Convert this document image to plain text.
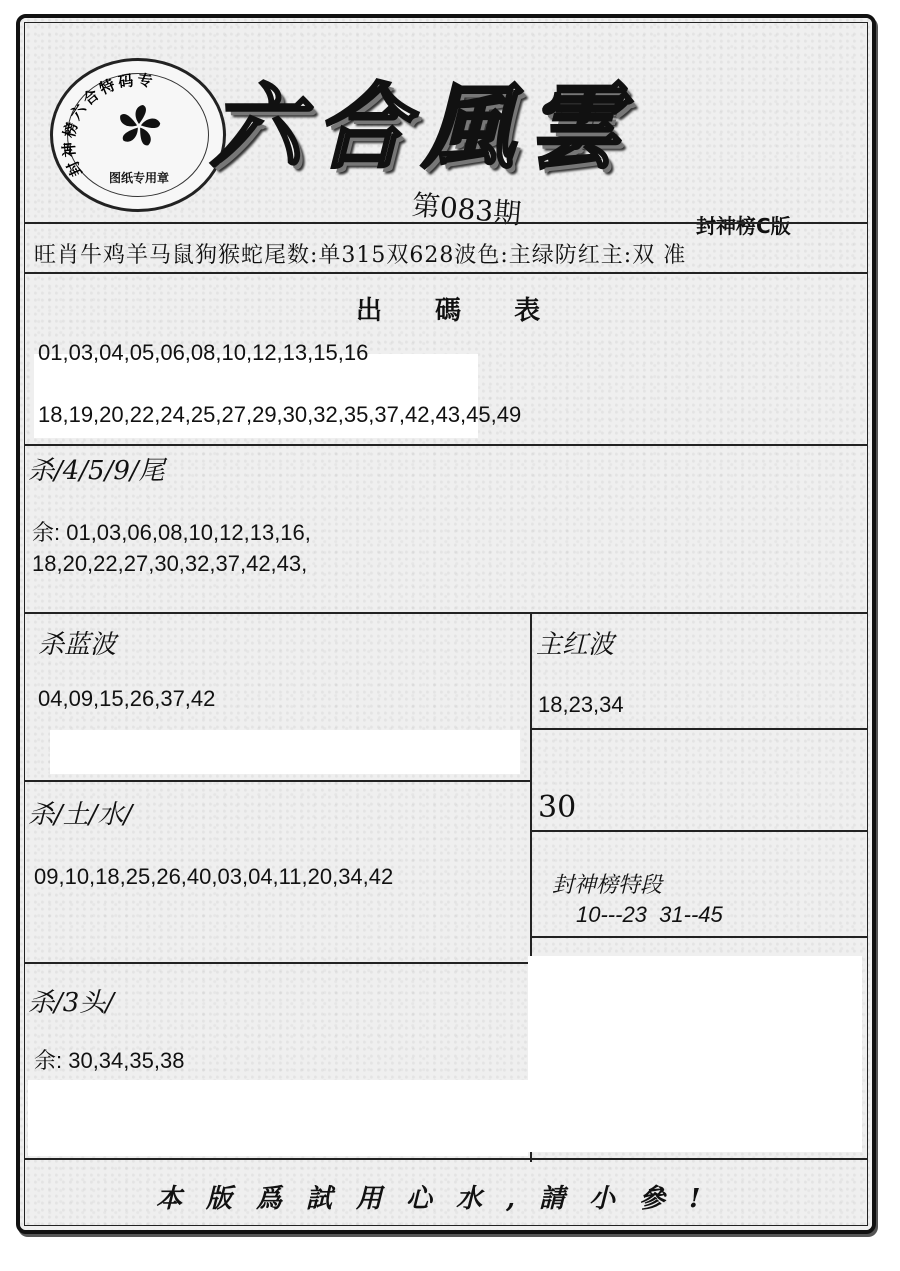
封神榜六合特码专
图纸专用章 六合風雲
第083期	封神榜C版
旺肖牛鸡羊马鼠狗猴蛇尾数:单315双628波色:主绿防红主:双 准
出 碼 表
01,03,04,05,06,08,10,12,13,15,16
18,19,20,22,24,25,27,29,30,32,35,37,42,43,45,49
杀/4/5/9/尾
余: 01,03,06,08,10,12,13,16,
18,20,22,27,30,32,37,42,43,
杀蓝波
04,09,15,26,37,42
主红波
18,23,34
30
杀/土/水/
09,10,18,25,26,40,03,04,11,20,34,42	封神榜特段
10---23  31--45
杀/3头/
余: 30,34,35,38
本版爲試用心水,請小參!
